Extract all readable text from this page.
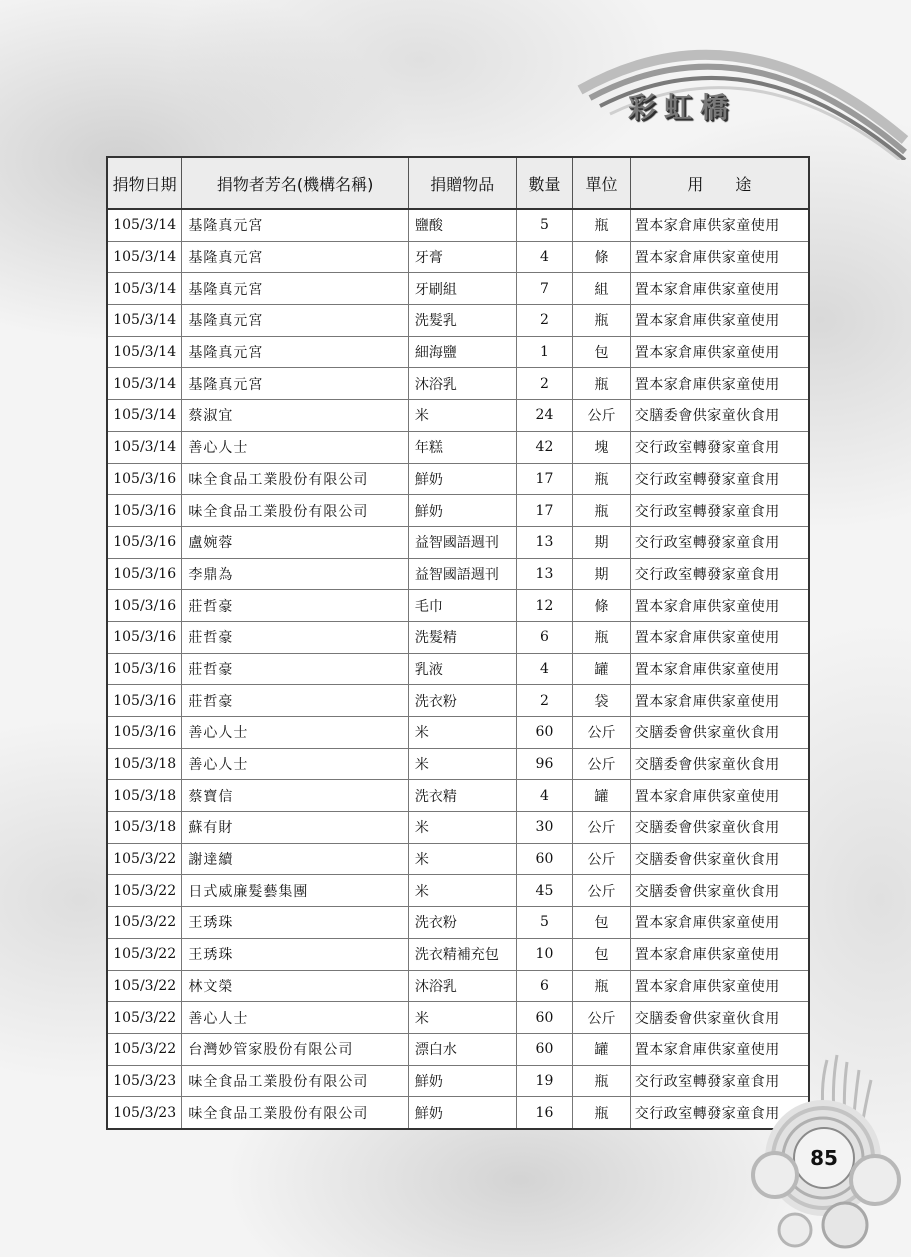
彩虹橋
捐物日期	捐物者芳名(機構名稱)	捐贈物品	數量	單位	用　　途
105/3/14	基隆真元宮	鹽酸	5	瓶	置本家倉庫供家童使用
105/3/14	基隆真元宮	牙膏	4	條	置本家倉庫供家童使用
105/3/14	基隆真元宮	牙刷組	7	組	置本家倉庫供家童使用
105/3/14	基隆真元宮	洗髮乳	2	瓶	置本家倉庫供家童使用
105/3/14	基隆真元宮	細海鹽	1	包	置本家倉庫供家童使用
105/3/14	基隆真元宮	沐浴乳	2	瓶	置本家倉庫供家童使用
105/3/14	蔡淑宜	米	24	公斤	交膳委會供家童伙食用
105/3/14	善心人士	年糕	42	塊	交行政室轉發家童食用
105/3/16	味全食品工業股份有限公司	鮮奶	17	瓶	交行政室轉發家童食用
105/3/16	味全食品工業股份有限公司	鮮奶	17	瓶	交行政室轉發家童食用
105/3/16	盧婉蓉	益智國語週刊	13	期	交行政室轉發家童食用
105/3/16	李鼎為	益智國語週刊	13	期	交行政室轉發家童食用
105/3/16	莊哲豪	毛巾	12	條	置本家倉庫供家童使用
105/3/16	莊哲豪	洗髮精	6	瓶	置本家倉庫供家童使用
105/3/16	莊哲豪	乳液	4	罐	置本家倉庫供家童使用
105/3/16	莊哲豪	洗衣粉	2	袋	置本家倉庫供家童使用
105/3/16	善心人士	米	60	公斤	交膳委會供家童伙食用
105/3/18	善心人士	米	96	公斤	交膳委會供家童伙食用
105/3/18	蔡寶信	洗衣精	4	罐	置本家倉庫供家童使用
105/3/18	蘇有財	米	30	公斤	交膳委會供家童伙食用
105/3/22	謝達續	米	60	公斤	交膳委會供家童伙食用
105/3/22	日式威廉髮藝集團	米	45	公斤	交膳委會供家童伙食用
105/3/22	王琇珠	洗衣粉	5	包	置本家倉庫供家童使用
105/3/22	王琇珠	洗衣精補充包	10	包	置本家倉庫供家童使用
105/3/22	林文榮	沐浴乳	6	瓶	置本家倉庫供家童使用
105/3/22	善心人士	米	60	公斤	交膳委會供家童伙食用
105/3/22	台灣妙管家股份有限公司	漂白水	60	罐	置本家倉庫供家童使用
105/3/23	味全食品工業股份有限公司	鮮奶	19	瓶	交行政室轉發家童食用
105/3/23	味全食品工業股份有限公司	鮮奶	16	瓶	交行政室轉發家童食用
85
